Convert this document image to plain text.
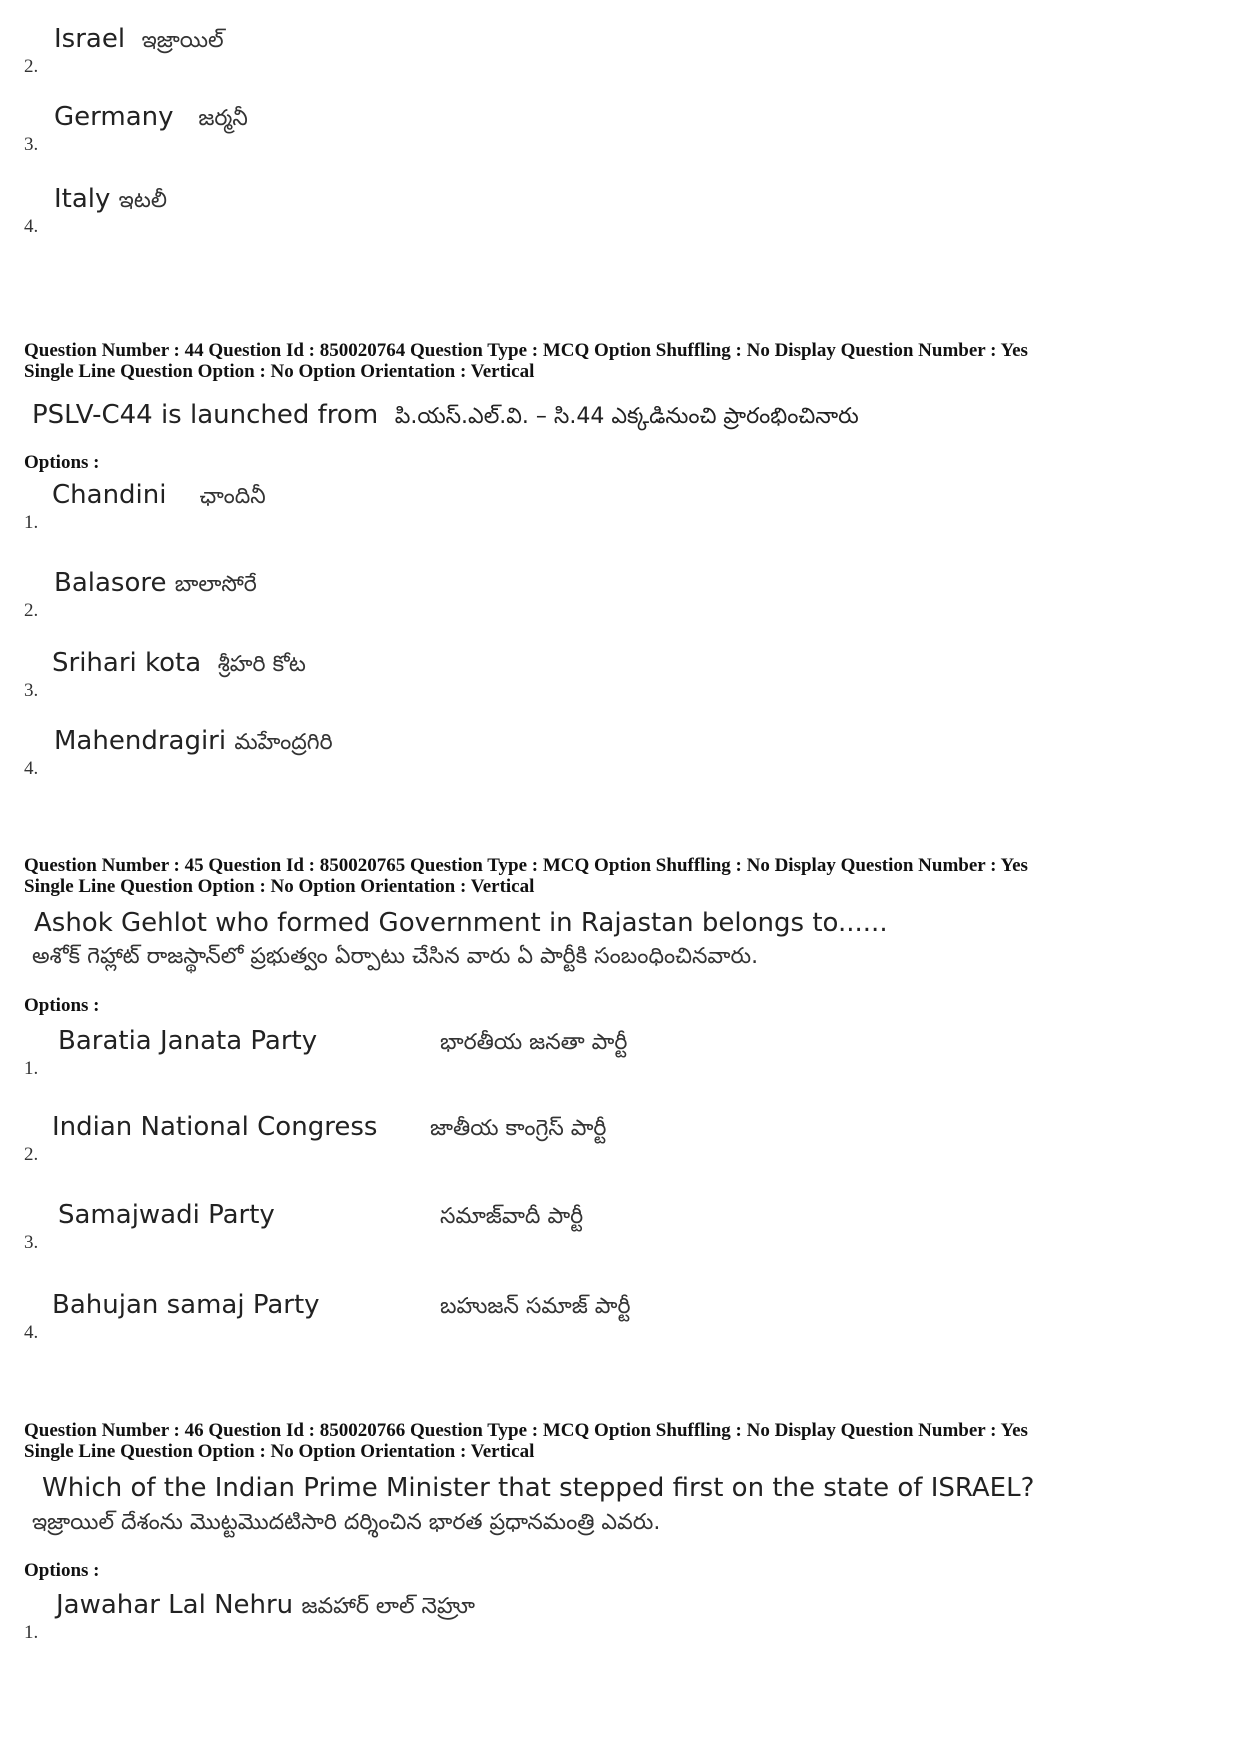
2.
Israel ఇజ్రాయిల్
3.
Germany జర్మనీ
4.
Italy ఇటలీ
Question Number : 44 Question Id : 850020764 Question Type : MCQ Option Shuffling : No Display Question Number : Yes
Single Line Question Option : No Option Orientation : Vertical
PSLV-C44 is launched from పి.యస్.ఎల్.వి. – సి.44 ఎక్కడినుంచి ప్రారంభించినారు
Options :
1.
Chandini ఛాందినీ
2.
Balasore బాలాసోరే
3.
Srihari kota శ్రీహరి కోట
4.
Mahendragiri మహేంద్రగిరి
Question Number : 45 Question Id : 850020765 Question Type : MCQ Option Shuffling : No Display Question Number : Yes
Single Line Question Option : No Option Orientation : Vertical
Ashok Gehlot who formed Government in Rajastan belongs to......
అశోక్ గెహ్లాట్ రాజస్థాన్‌లో ప్రభుత్వం ఏర్పాటు చేసిన వారు ఏ పార్టీకి సంబంధించినవారు.
Options :
1.
Baratia Janata Party	భారతీయ జనతా పార్టీ
2.
Indian National Congress జాతీయ కాంగ్రెస్ పార్టీ
3.
Samajwadi Party	సమాజ్‌వాదీ పార్టీ
4.
Bahujan samaj Party	బహుజన్ సమాజ్ పార్టీ
Question Number : 46 Question Id : 850020766 Question Type : MCQ Option Shuffling : No Display Question Number : Yes
Single Line Question Option : No Option Orientation : Vertical
Which of the Indian Prime Minister that stepped first on the state of ISRAEL?
ఇజ్రాయిల్ దేశంను మొట్టమొదటిసారి దర్శించిన భారత ప్రధానమంత్రి ఎవరు.
Options :
1.
Jawahar Lal Nehru జవహార్ లాల్ నెహ్రూ
